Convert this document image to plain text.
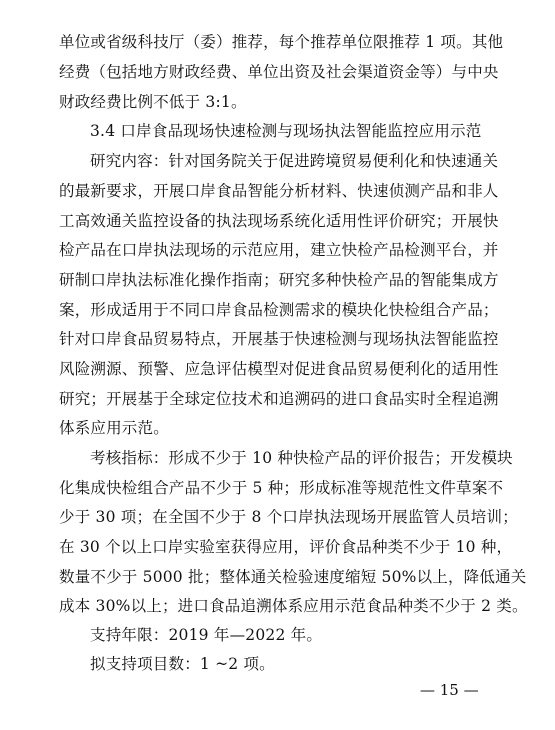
单位或省级科技厅（委）推荐，每个推荐单位限推荐 1 项。其他
经费（包括地方财政经费、单位出资及社会渠道资金等）与中央
财政经费比例不低于 3:1。
3.4 口岸食品现场快速检测与现场执法智能监控应用示范
研究内容：针对国务院关于促进跨境贸易便利化和快速通关
的最新要求，开展口岸食品智能分析材料、快速侦测产品和非人
工高效通关监控设备的执法现场系统化适用性评价研究；开展快
检产品在口岸执法现场的示范应用，建立快检产品检测平台，并
研制口岸执法标准化操作指南；研究多种快检产品的智能集成方
案，形成适用于不同口岸食品检测需求的模块化快检组合产品；
针对口岸食品贸易特点，开展基于快速检测与现场执法智能监控
风险溯源、预警、应急评估模型对促进食品贸易便利化的适用性
研究；开展基于全球定位技术和追溯码的进口食品实时全程追溯
体系应用示范。
考核指标：形成不少于 10 种快检产品的评价报告；开发模块
化集成快检组合产品不少于 5 种；形成标准等规范性文件草案不
少于 30 项；在全国不少于 8 个口岸执法现场开展监管人员培训；
在 30 个以上口岸实验室获得应用，评价食品种类不少于 10 种，
数量不少于 5000 批；整体通关检验速度缩短 50%以上，降低通关
成本 30%以上；进口食品追溯体系应用示范食品种类不少于 2 类。
支持年限：2019 年—2022 年。
拟支持项目数：1 ~2 项。
— 15 —
